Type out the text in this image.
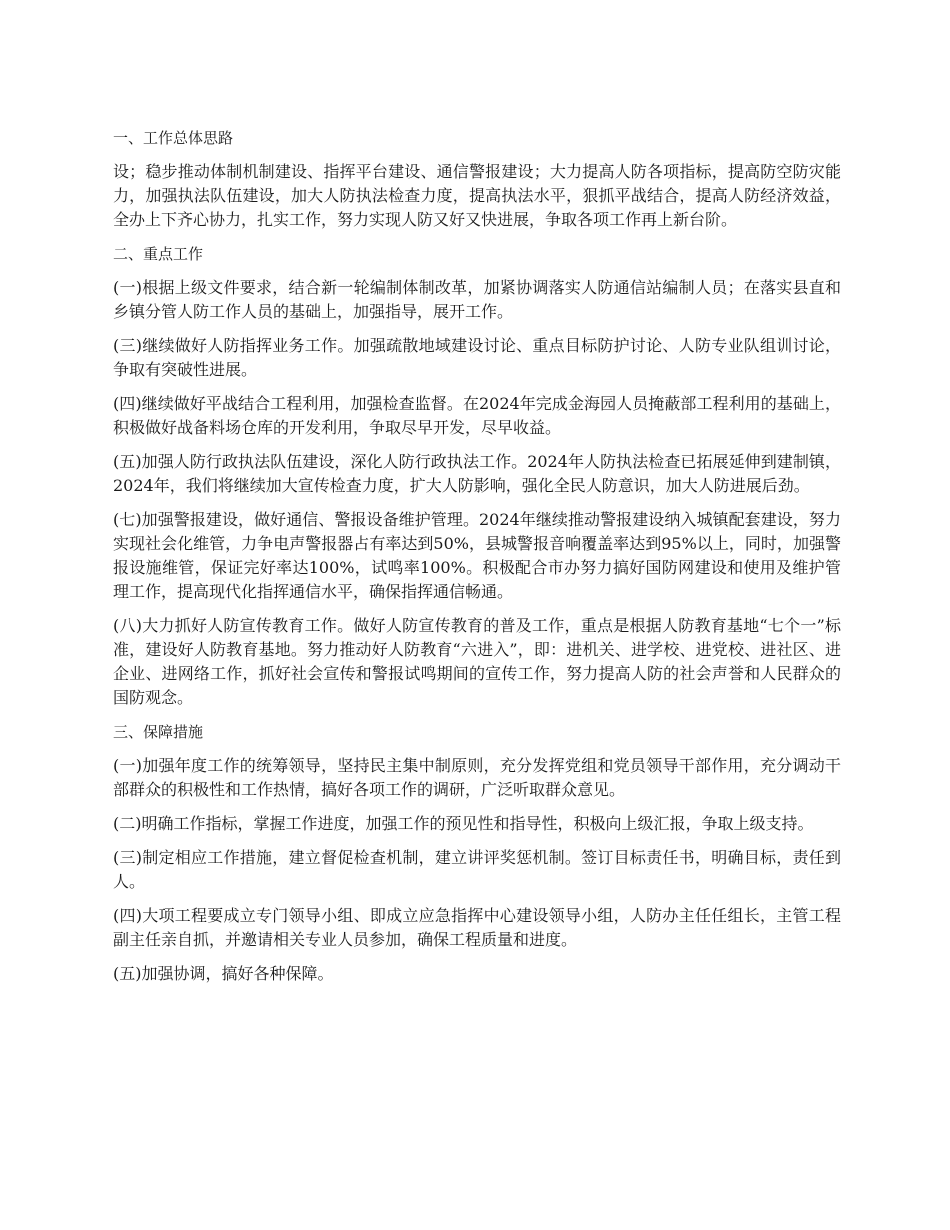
一、工作总体思路
设；稳步推动体制机制建设、指挥平台建设、通信警报建设；大力提高人防各项指标，提高防空防灾能力，加强执法队伍建设，加大人防执法检查力度，提高执法水平，狠抓平战结合，提高人防经济效益，全办上下齐心协力，扎实工作，努力实现人防又好又快进展，争取各项工作再上新台阶。
二、重点工作
(一)根据上级文件要求，结合新一轮编制体制改革，加紧协调落实人防通信站编制人员；在落实县直和乡镇分管人防工作人员的基础上，加强指导，展开工作。
(三)继续做好人防指挥业务工作。加强疏散地域建设讨论、重点目标防护讨论、人防专业队组训讨论，争取有突破性进展。
(四)继续做好平战结合工程利用，加强检查监督。在2024年完成金海园人员掩蔽部工程利用的基础上，积极做好战备料场仓库的开发利用，争取尽早开发，尽早收益。
(五)加强人防行政执法队伍建设，深化人防行政执法工作。2024年人防执法检查已拓展延伸到建制镇，2024年，我们将继续加大宣传检查力度，扩大人防影响，强化全民人防意识，加大人防进展后劲。
(七)加强警报建设，做好通信、警报设备维护管理。2024年继续推动警报建设纳入城镇配套建设，努力实现社会化维管，力争电声警报器占有率达到50%，县城警报音响覆盖率达到95%以上，同时，加强警报设施维管，保证完好率达100%，试鸣率100%。积极配合市办努力搞好国防网建设和使用及维护管理工作，提高现代化指挥通信水平，确保指挥通信畅通。
(八)大力抓好人防宣传教育工作。做好人防宣传教育的普及工作，重点是根据人防教育基地“七个一”标准，建设好人防教育基地。努力推动好人防教育“六进入”，即：进机关、进学校、进党校、进社区、进企业、进网络工作，抓好社会宣传和警报试鸣期间的宣传工作，努力提高人防的社会声誉和人民群众的国防观念。
三、保障措施
(一)加强年度工作的统筹领导，坚持民主集中制原则，充分发挥党组和党员领导干部作用，充分调动干部群众的积极性和工作热情，搞好各项工作的调研，广泛听取群众意见。
(二)明确工作指标，掌握工作进度，加强工作的预见性和指导性，积极向上级汇报，争取上级支持。
(三)制定相应工作措施，建立督促检查机制，建立讲评奖惩机制。签订目标责任书，明确目标，责任到人。
(四)大项工程要成立专门领导小组、即成立应急指挥中心建设领导小组，人防办主任任组长，主管工程副主任亲自抓，并邀请相关专业人员参加，确保工程质量和进度。
(五)加强协调，搞好各种保障。
